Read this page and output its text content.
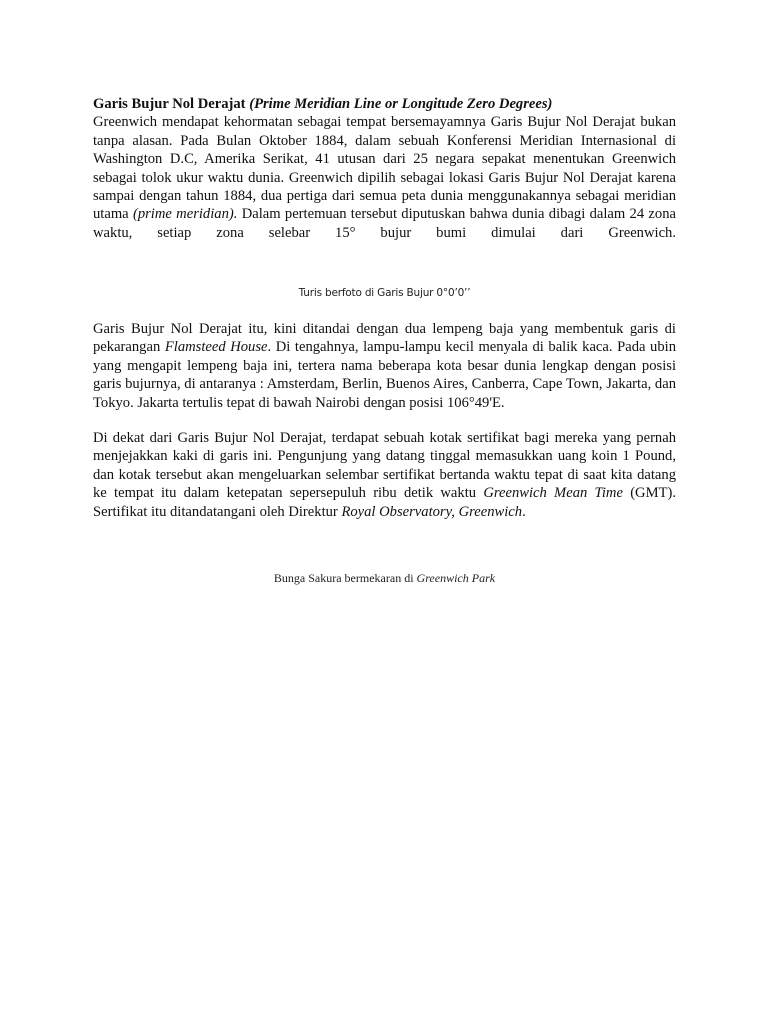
Garis Bujur Nol Derajat (Prime Meridian Line or Longitude Zero Degrees)

Greenwich mendapat kehormatan sebagai tempat bersemayamnya Garis Bujur Nol Derajat bukan tanpa alasan. Pada Bulan Oktober 1884, dalam sebuah Konferensi Meridian Internasional di Washington D.C, Amerika Serikat, 41 utusan dari 25 negara sepakat menentukan Greenwich sebagai tolok ukur waktu dunia. Greenwich dipilih sebagai lokasi Garis Bujur Nol Derajat karena sampai dengan tahun 1884, dua pertiga dari semua peta dunia menggunakannya sebagai meridian utama (prime meridian). Dalam pertemuan tersebut diputuskan bahwa dunia dibagi dalam 24 zona waktu, setiap zona selebar 15° bujur bumi dimulai dari Greenwich.

Turis berfoto di Garis Bujur 0°0’0’’

Garis Bujur Nol Derajat itu, kini ditandai dengan dua lempeng baja yang membentuk garis di pekarangan Flamsteed House. Di tengahnya, lampu-lampu kecil menyala di balik kaca. Pada ubin yang mengapit lempeng baja ini, tertera nama beberapa kota besar dunia lengkap dengan posisi garis bujurnya, di antaranya : Amsterdam, Berlin, Buenos Aires, Canberra, Cape Town, Jakarta, dan Tokyo. Jakarta tertulis tepat di bawah Nairobi dengan posisi 106°49'E.

Di dekat dari Garis Bujur Nol Derajat, terdapat sebuah kotak sertifikat bagi mereka yang pernah menjejakkan kaki di garis ini. Pengunjung yang datang tinggal memasukkan uang koin 1 Pound, dan kotak tersebut akan mengeluarkan selembar sertifikat bertanda waktu tepat di saat kita datang ke tempat itu dalam ketepatan sepersepuluh ribu detik waktu Greenwich Mean Time (GMT). Sertifikat itu ditandatangani oleh Direktur Royal Observatory, Greenwich.

Bunga Sakura bermekaran di Greenwich Park
